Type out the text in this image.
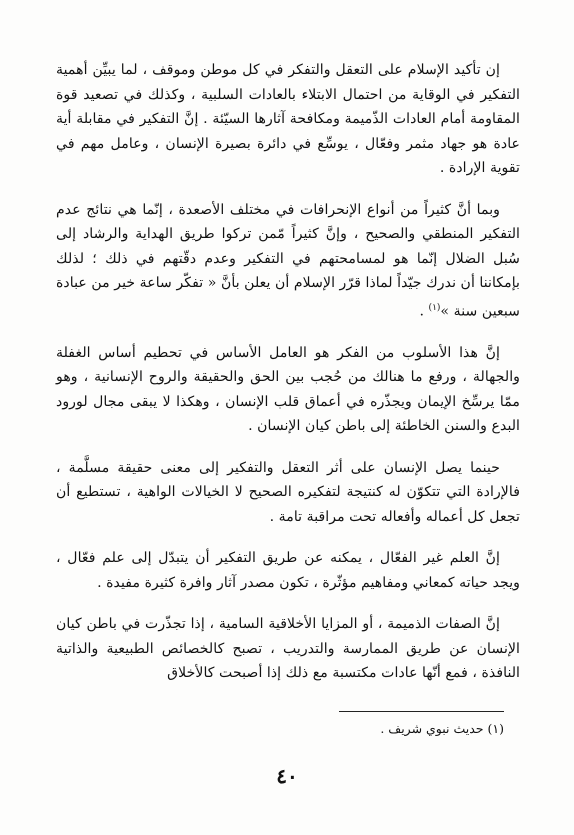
إن تأكيد الإسلام على التعقل والتفكر في كل موطن وموقف ، لما يبيِّن أهمية التفكير في الوقاية من احتمال الابتلاء بالعادات السلبية ، وكذلك في تصعيد قوة المقاومة أمام العادات الذّميمة ومكافحة آثارها السيّئة . إنَّ التفكير في مقابلة أية عادة هو جهاد مثمر وفعّال ، يوسِّع في دائرة بصيرة الإنسان ، وعامل مهم في تقوية الإرادة .

وبما أنَّ كثيراً من أنواع الإنحرافات في مختلف الأصعدة ، إنّما هي نتائج عدم التفكير المنطقي والصحيح ، وإنَّ كثيراً مّمن تركوا طريق الهداية والرشاد إلى سُبل الضلال إنّما هو لمسامحتهم في التفكير وعدم دقّتهم في ذلك ؛ لذلك بإمكاننا أن ندرك جيّداً لماذا قرّر الإسلام أن يعلن بأنَّ « تفكّر ساعة خير من عبادة سبعين سنة »$^{(١)}$ .

إنَّ هذا الأسلوب من الفكر هو العامل الأساس في تحطيم أساس الغفلة والجهالة ، ورفع ما هنالك من حُجب بين الحق والحقيقة والروح الإنسانية ، وهو ممّا يرسِّخ الإيمان ويجذّره في أعماق قلب الإنسان ، وهكذا لا يبقى مجال لورود البدع والسنن الخاطئة إلى باطن كيان الإنسان .

حينما يصل الإنسان على أثر التعقل والتفكير إلى معنى حقيقة مسلَّمة ، فالإرادة التي تتكوّن له كنتيجة لتفكيره الصحيح لا الخيالات الواهية ، تستطيع أن تجعل كل أعماله وأفعاله تحت مراقبة تامة .

إنَّ العلم غير الفعّال ، يمكنه عن طريق التفكير أن يتبدّل إلى علم فعّال ، ويجد حياته كمعاني ومفاهيم مؤثّرة ، تكون مصدر آثار وافرة كثيرة مفيدة .

إنَّ الصفات الذميمة ، أو المزايا الأخلاقية السامية ، إذا تجذّرت في باطن كيان الإنسان عن طريق الممارسة والتدريب ، تصبح كالخصائص الطبيعية والذاتية النافذة ، فمع أنّها عادات مكتسبة مع ذلك إذا أصبحت كالأخلاق

(١) حديث نبوي شريف .
٤٠
